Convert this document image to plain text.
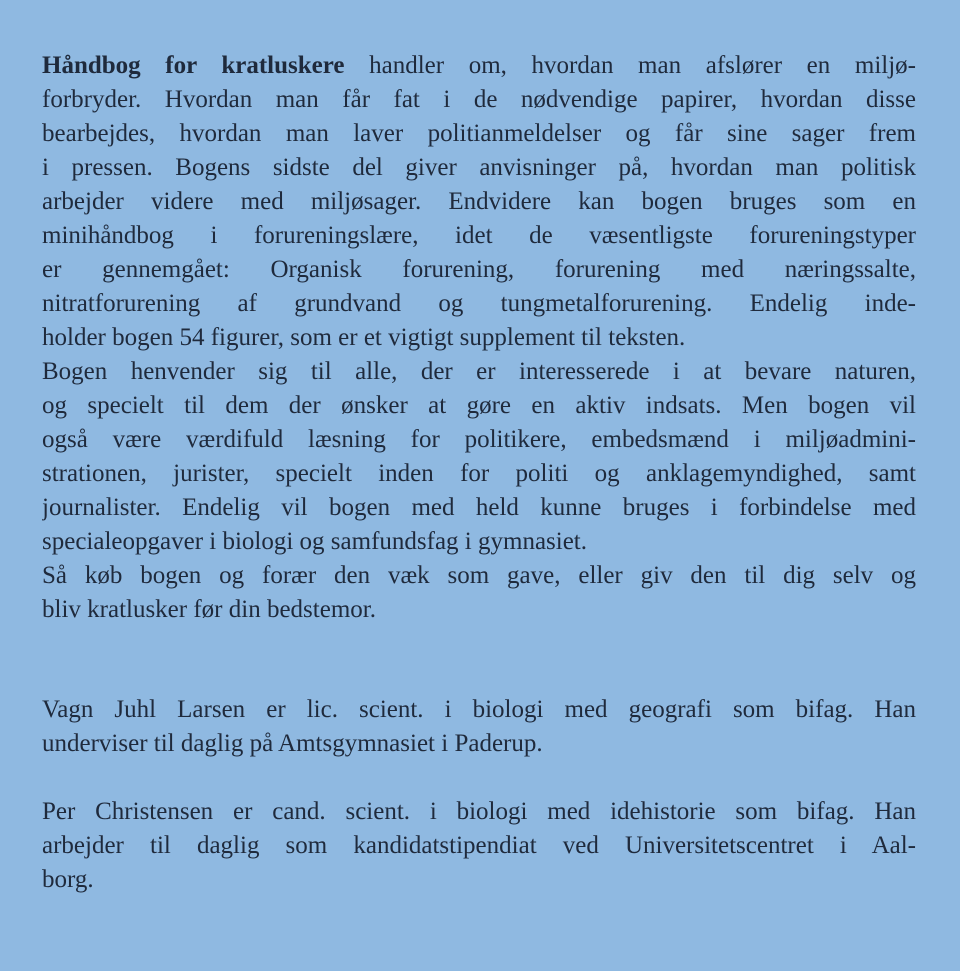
Håndbog for kratluskere handler om, hvordan man afslører en miljø-
forbryder. Hvordan man får fat i de nødvendige papirer, hvordan disse
bearbejdes, hvordan man laver politianmeldelser og får sine sager frem
i pressen. Bogens sidste del giver anvisninger på, hvordan man politisk
arbejder videre med miljøsager. Endvidere kan bogen bruges som en
minihåndbog i forureningslære, idet de væsentligste forureningstyper
er gennemgået: Organisk forurening, forurening med næringssalte,
nitratforurening af grundvand og tungmetalforurening. Endelig inde-
holder bogen 54 figurer, som er et vigtigt supplement til teksten.
Bogen henvender sig til alle, der er interesserede i at bevare naturen,
og specielt til dem der ønsker at gøre en aktiv indsats. Men bogen vil
også være værdifuld læsning for politikere, embedsmænd i miljøadmini-
strationen, jurister, specielt inden for politi og anklagemyndighed, samt
journalister. Endelig vil bogen med held kunne bruges i forbindelse med
specialeopgaver i biologi og samfundsfag i gymnasiet.
Så køb bogen og forær den væk som gave, eller giv den til dig selv og
bliv kratlusker før din bedstemor.
Vagn Juhl Larsen er lic. scient. i biologi med geografi som bifag. Han
underviser til daglig på Amtsgymnasiet i Paderup.
Per Christensen er cand. scient. i biologi med idehistorie som bifag. Han
arbejder til daglig som kandidatstipendiat ved Universitetscentret i Aal-
borg.
